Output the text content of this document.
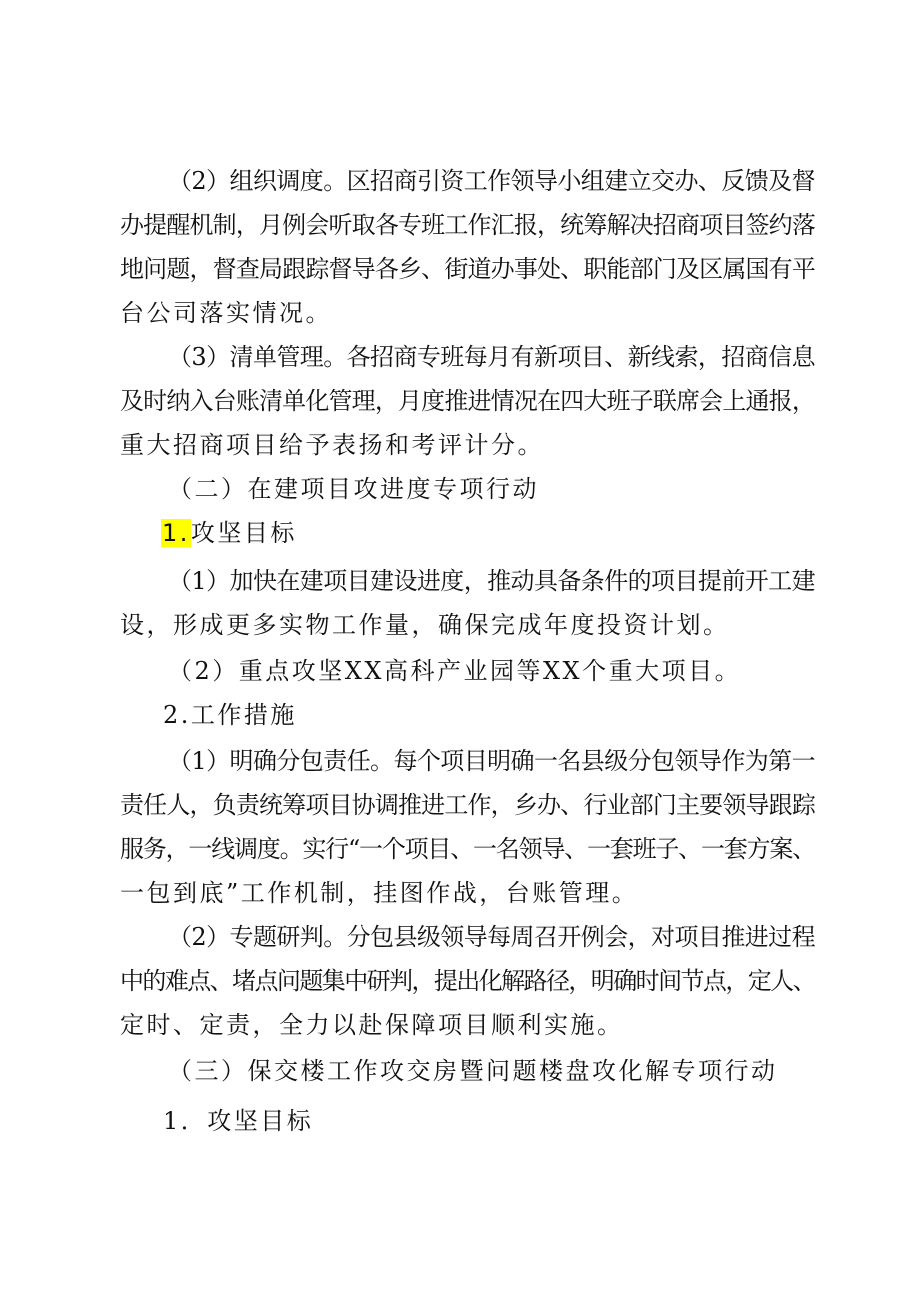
（2）组织调度。区招商引资工作领导小组建立交办、反馈及督
办提醒机制，月例会听取各专班工作汇报，统筹解决招商项目签约落
地问题，督查局跟踪督导各乡、街道办事处、职能部门及区属国有平
台公司落实情况。
（3）清单管理。各招商专班每月有新项目、新线索，招商信息
及时纳入台账清单化管理，月度推进情况在四大班子联席会上通报，
重大招商项目给予表扬和考评计分。
（二）在建项目攻进度专项行动
1.攻坚目标
（1）加快在建项目建设进度，推动具备条件的项目提前开工建
设，形成更多实物工作量，确保完成年度投资计划。
（2）重点攻坚XX高科产业园等XX个重大项目。
2.工作措施
（1）明确分包责任。每个项目明确一名县级分包领导作为第一
责任人，负责统筹项目协调推进工作，乡办、行业部门主要领导跟踪
服务，一线调度。实行“一个项目、一名领导、一套班子、一套方案、
一包到底”工作机制，挂图作战，台账管理。
（2）专题研判。分包县级领导每周召开例会，对项目推进过程
中的难点、堵点问题集中研判，提出化解路径，明确时间节点，定人、
定时、定责，全力以赴保障项目顺利实施。
（三）保交楼工作攻交房暨问题楼盘攻化解专项行动
1．攻坚目标
